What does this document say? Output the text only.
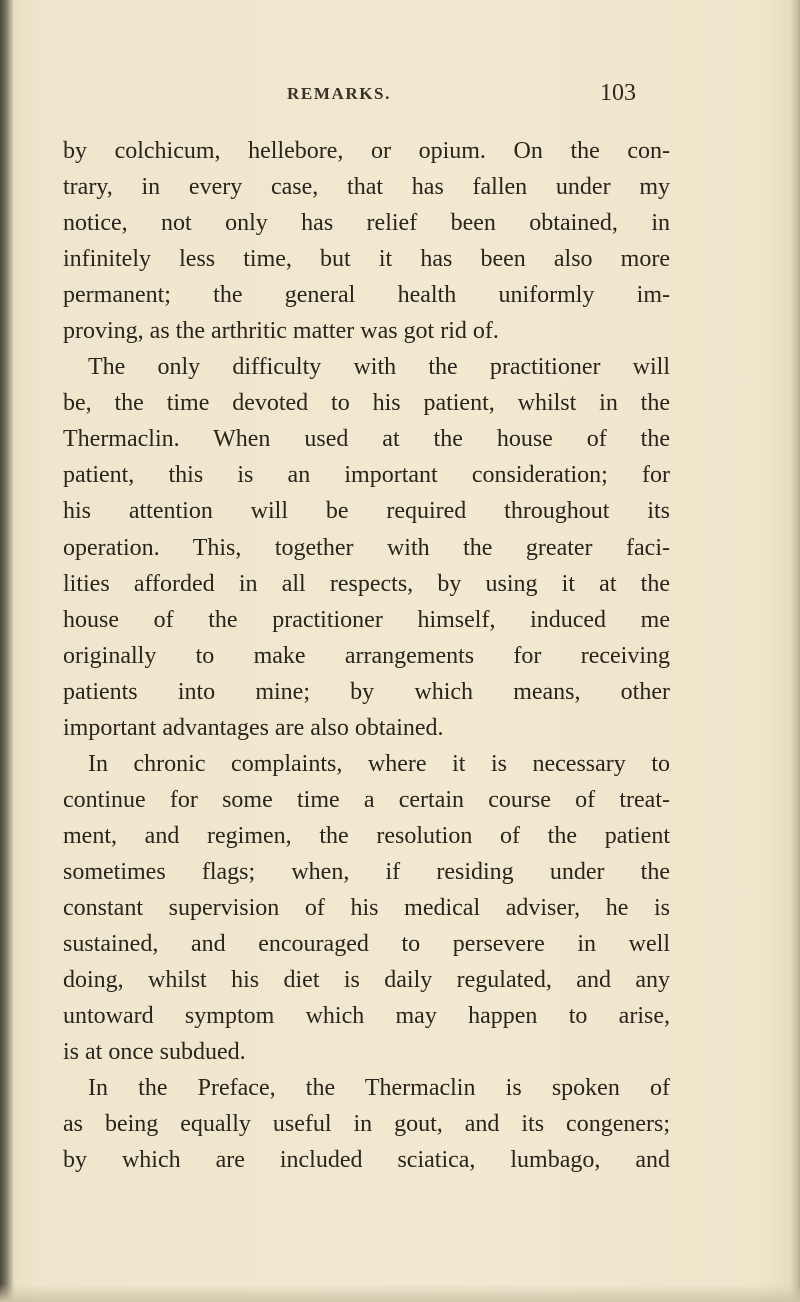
REMARKS.	103
by colchicum, hellebore, or opium. On the con-
trary, in every case, that has fallen under my
notice, not only has relief been obtained, in
infinitely less time, but it has been also more
permanent; the general health uniformly im-
proving, as the arthritic matter was got rid of.
The only difficulty with the practitioner will
be, the time devoted to his patient, whilst in the
Thermaclin. When used at the house of the
patient, this is an important consideration; for
his attention will be required throughout its
operation. This, together with the greater faci-
lities afforded in all respects, by using it at the
house of the practitioner himself, induced me
originally to make arrangements for receiving
patients into mine; by which means, other
important advantages are also obtained.
In chronic complaints, where it is necessary to
continue for some time a certain course of treat-
ment, and regimen, the resolution of the patient
sometimes flags; when, if residing under the
constant supervision of his medical adviser, he is
sustained, and encouraged to persevere in well
doing, whilst his diet is daily regulated, and any
untoward symptom which may happen to arise,
is at once subdued.
In the Preface, the Thermaclin is spoken of
as being equally useful in gout, and its congeners;
by which are included sciatica, lumbago, and
